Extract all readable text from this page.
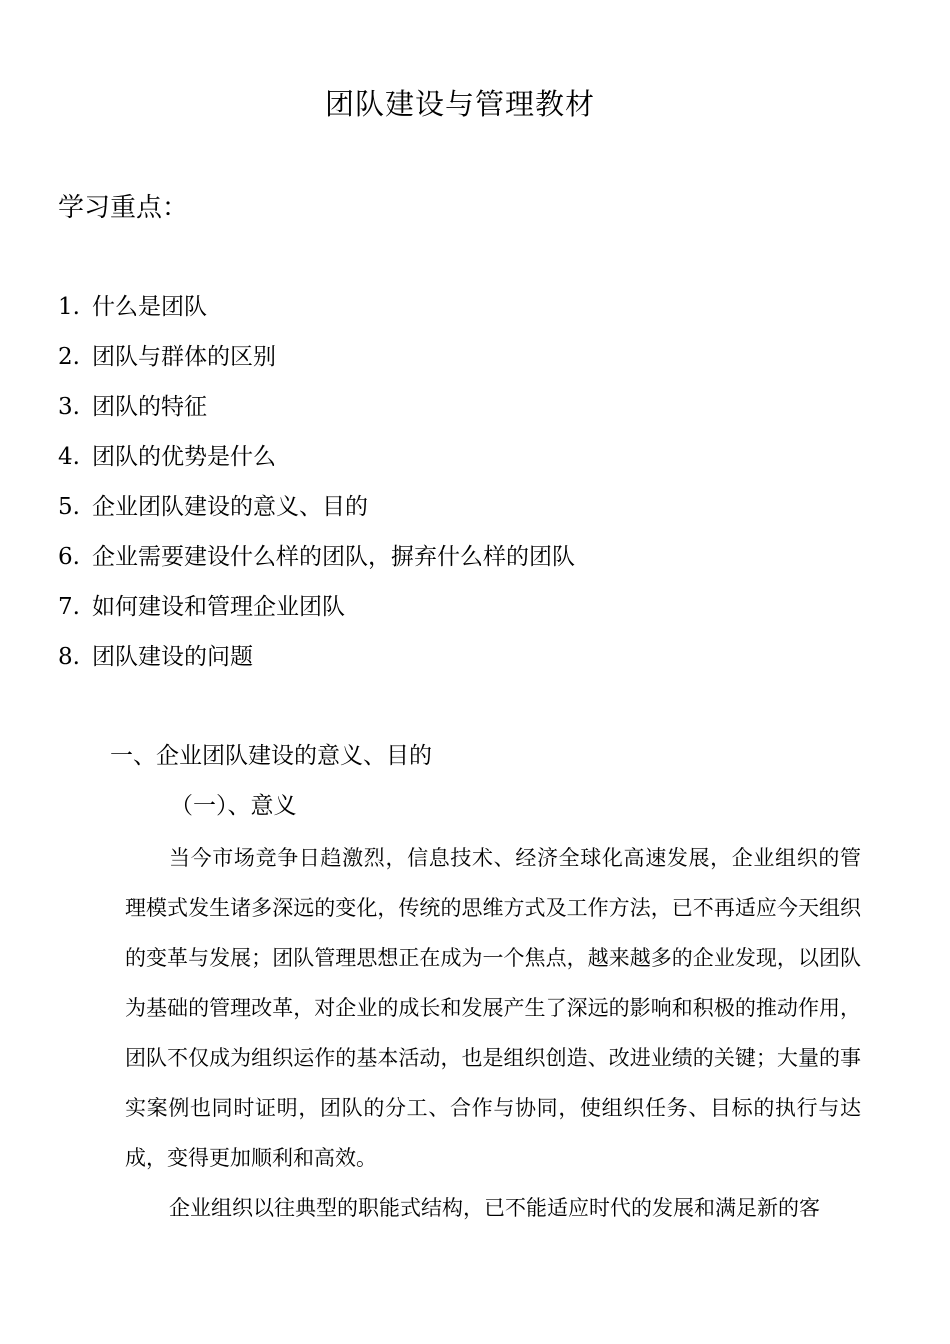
团队建设与管理教材
学习重点：
1. 什么是团队
2. 团队与群体的区别
3. 团队的特征
4. 团队的优势是什么
5. 企业团队建设的意义、目的
6. 企业需要建设什么样的团队，摒弃什么样的团队
7. 如何建设和管理企业团队
8. 团队建设的问题
一、企业团队建设的意义、目的
（一）、意义

当今市场竞争日趋激烈，信息技术、经济全球化高速发展，企业组织的管理模式发生诸多深远的变化，传统的思维方式及工作方法，已不再适应今天组织的变革与发展；团队管理思想正在成为一个焦点，越来越多的企业发现，以团队为基础的管理改革，对企业的成长和发展产生了深远的影响和积极的推动作用，团队不仅成为组织运作的基本活动，也是组织创造、改进业绩的关键；大量的事实案例也同时证明，团队的分工、合作与协同，使组织任务、目标的执行与达成，变得更加顺利和高效。

企业组织以往典型的职能式结构，已不能适应时代的发展和满足新的客
